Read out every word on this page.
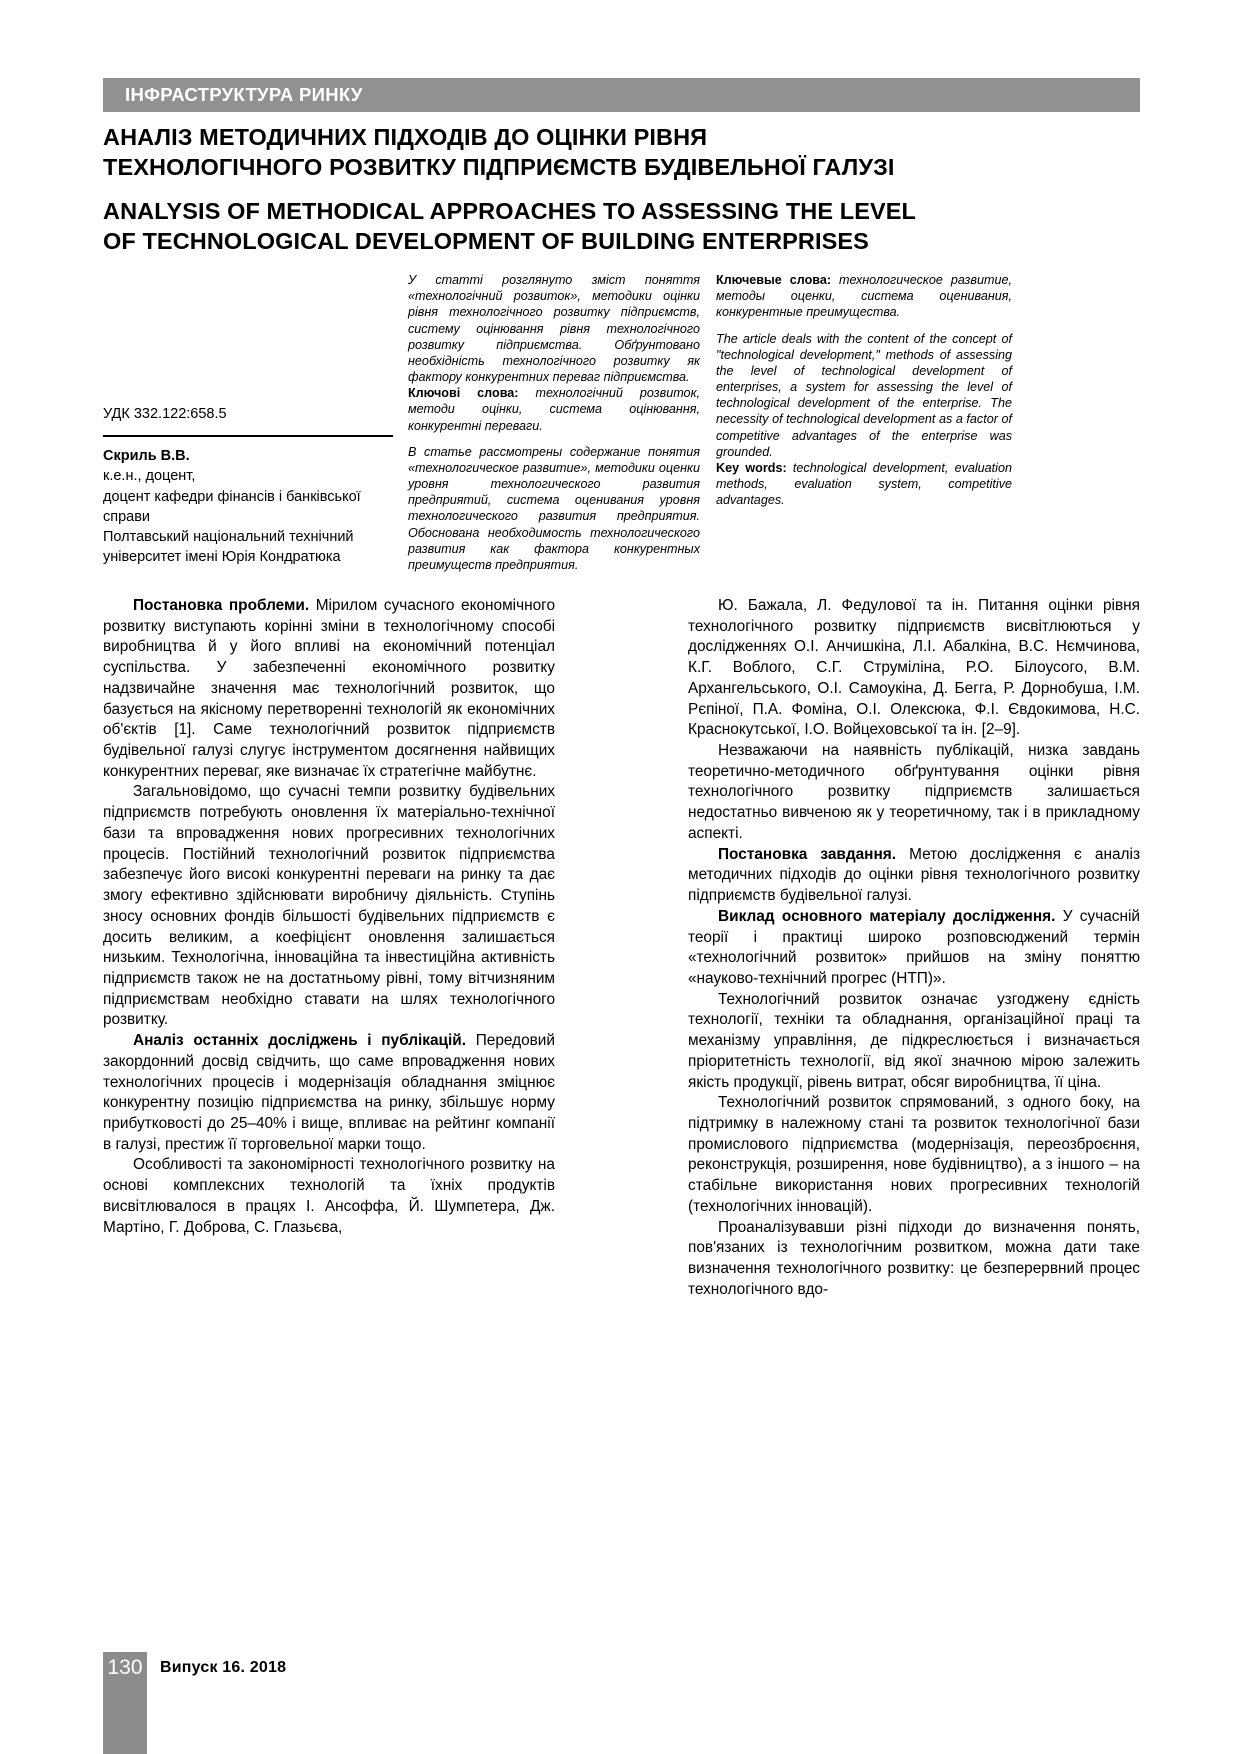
ІНФРАСТРУКТУРА РИНКУ
АНАЛІЗ МЕТОДИЧНИХ ПІДХОДІВ ДО ОЦІНКИ РІВНЯ
ТЕХНОЛОГІЧНОГО РОЗВИТКУ ПІДПРИЄМСТВ БУДІВЕЛЬНОЇ ГАЛУЗІ
ANALYSIS OF METHODICAL APPROACHES TO ASSESSING THE LEVEL
OF TECHNOLOGICAL DEVELOPMENT OF BUILDING ENTERPRISES
УДК 332.122:658.5
Скриль В.В.
к.е.н., доцент,
доцент кафедри фінансів і банківської
справи
Полтавський національний технічний
університет імені Юрія Кондратюка

У статті розглянуто зміст поняття «технологічний розвиток», методики оцінки рівня технологічного розвитку підприємств, систему оцінювання рівня технологічного розвитку підприємства. Обґрунтовано необхідність технологічного розвитку як фактору конкурентних переваг підприємства.

Ключові слова: технологічний розвиток, методи оцінки, система оцінювання, конкурентні переваги.

В статье рассмотрены содержание понятия «технологическое развитие», методики оценки уровня технологического развития предприятий, система оценивания уровня технологического развития предприятия. Обоснована необходимость технологического развития как фактора конкурентных преимуществ предприятия.

Ключевые слова: технологическое развитие, методы оценки, система оценивания, конкурентные преимущества.

The article deals with the content of the concept of "technological development," methods of assessing the level of technological development of enterprises, a system for assessing the level of technological development of the enterprise. The necessity of technological development as a factor of competitive advantages of the enterprise was grounded.

Key words: technological development, evaluation methods, evaluation system, competitive advantages.

Постановка проблеми. Мірилом сучасного економічного розвитку виступають корінні зміни в технологічному способі виробництва й у його впливі на економічний потенціал суспільства. У забезпеченні економічного розвитку надзвичайне значення має технологічний розвиток, що базується на якісному перетворенні технологій як економічних об'єктів [1]. Саме технологічний розвиток підприємств будівельної галузі слугує інструментом досягнення найвищих конкурентних переваг, яке визначає їх стратегічне майбутнє.

Загальновідомо, що сучасні темпи розвитку будівельних підприємств потребують оновлення їх матеріально-технічної бази та впровадження нових прогресивних технологічних процесів. Постійний технологічний розвиток підприємства забезпечує його високі конкурентні переваги на ринку та дає змогу ефективно здійснювати виробничу діяльність. Ступінь зносу основних фондів більшості будівельних підприємств є досить великим, а коефіцієнт оновлення залишається низьким. Технологічна, інноваційна та інвестиційна активність підприємств також не на достатньому рівні, тому вітчизняним підприємствам необхідно ставати на шлях технологічного розвитку.

Аналіз останніх досліджень і публікацій. Передовий закордонний досвід свідчить, що саме впровадження нових технологічних процесів і модернізація обладнання зміцнює конкурентну позицію підприємства на ринку, збільшує норму прибутковості до 25–40% і вище, впливає на рейтинг компанії в галузі, престиж її торговельної марки тощо.

Особливості та закономірності технологічного розвитку на основі комплексних технологій та їхніх продуктів висвітлювалося в працях І. Ансоффа, Й. Шумпетера, Дж. Мартіно, Г. Доброва, С. Глазьєва,

Ю. Бажала, Л. Федулової та ін. Питання оцінки рівня технологічного розвитку підприємств висвітлюються у дослідженнях О.І. Анчишкіна, Л.І. Абалкіна, В.С. Нємчинова, К.Г. Воблого, С.Г. Струміліна, Р.О. Білоусого, В.М. Архангельського, О.І. Самоукіна, Д. Бегга, Р. Дорнобуша, І.М. Рєпіної, П.А. Фоміна, О.І. Олексюка, Ф.І. Євдокимова, Н.С. Краснокутської, І.О. Войцеховської та ін. [2–9].

Незважаючи на наявність публікацій, низка завдань теоретично-методичного обґрунтування оцінки рівня технологічного розвитку підприємств залишається недостатньо вивченою як у теоретичному, так і в прикладному аспекті.

Постановка завдання. Метою дослідження є аналіз методичних підходів до оцінки рівня технологічного розвитку підприємств будівельної галузі.

Виклад основного матеріалу дослідження. У сучасній теорії і практиці широко розповсюджений термін «технологічний розвиток» прийшов на зміну поняттю «науково-технічний прогрес (НТП)».

Технологічний розвиток означає узгоджену єдність технології, техніки та обладнання, організаційної праці та механізму управління, де підкреслюється і визначається пріоритетність технології, від якої значною мірою залежить якість продукції, рівень витрат, обсяг виробництва, її ціна.

Технологічний розвиток спрямований, з одного боку, на підтримку в належному стані та розвиток технологічної бази промислового підприємства (модернізація, переозброєння, реконструкція, розширення, нове будівництво), а з іншого – на стабільне використання нових прогресивних технологій (технологічних інновацій).

Проаналізувавши різні підходи до визначення понять, пов'язаних із технологічним розвитком, можна дати таке визначення технологічного розвитку: це безперервний процес технологічного вдо-

130 Випуск 16. 2018
